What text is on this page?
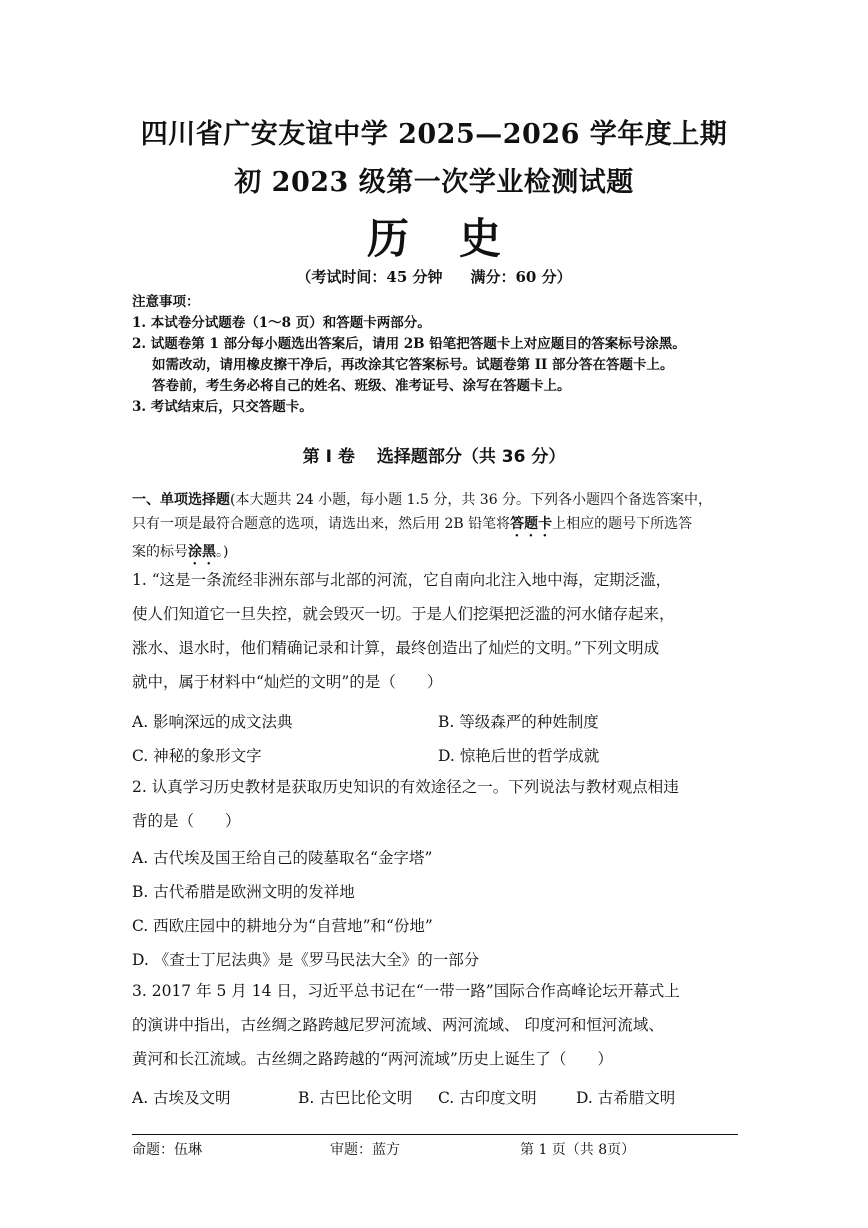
四川省广安友谊中学 2025—2026 学年度上期
初 2023 级第一次学业检测试题
历 史
（考试时间：45 分钟 满分：60 分）
注意事项：
1. 本试卷分试题卷（1～8 页）和答题卡两部分。
2. 试题卷第 1 部分每小题选出答案后，请用 2B 铅笔把答题卡上对应题目的答案标号涂黑。
如需改动，请用橡皮擦干净后，再改涂其它答案标号。试题卷第 II 部分答在答题卡上。
答卷前，考生务必将自己的姓名、班级、准考证号、涂写在答题卡上。
3. 考试结束后，只交答题卡。
第 I 卷 选择题部分（共 36 分）
一、单项选择题(本大题共 24 小题，每小题 1.5 分，共 36 分。下列各小题四个备选答案中，
只有一项是最符合题意的选项，请选出来，然后用 2B 铅笔将答题卡上相应的题号下所选答
案的标号涂黑。)
1. “这是一条流经非洲东部与北部的河流，它自南向北注入地中海，定期泛滥，
使人们知道它一旦失控，就会毁灭一切。于是人们挖渠把泛滥的河水储存起来，
涨水、退水时，他们精确记录和计算，最终创造出了灿烂的文明。”下列文明成
就中，属于材料中“灿烂的文明”的是（　　）
A. 影响深远的成文法典	B. 等级森严的种姓制度
C. 神秘的象形文字	D. 惊艳后世的哲学成就
2. 认真学习历史教材是获取历史知识的有效途径之一。下列说法与教材观点相违
背的是（　　）
A. 古代埃及国王给自己的陵墓取名“金字塔”
B. 古代希腊是欧洲文明的发祥地
C. 西欧庄园中的耕地分为“自营地”和“份地”
D. 《查士丁尼法典》是《罗马民法大全》的一部分
3. 2017 年 5 月 14 日，习近平总书记在“一带一路”国际合作高峰论坛开幕式上
的演讲中指出，古丝绸之路跨越尼罗河流域、两河流域、 印度河和恒河流域、
黄河和长江流域。古丝绸之路跨越的“两河流域”历史上诞生了（　　）
A. 古埃及文明	B. 古巴比伦文明 C. 古印度文明	D. 古希腊文明
命题：伍琳	审题：蓝方	第 1 页（共 8页）
